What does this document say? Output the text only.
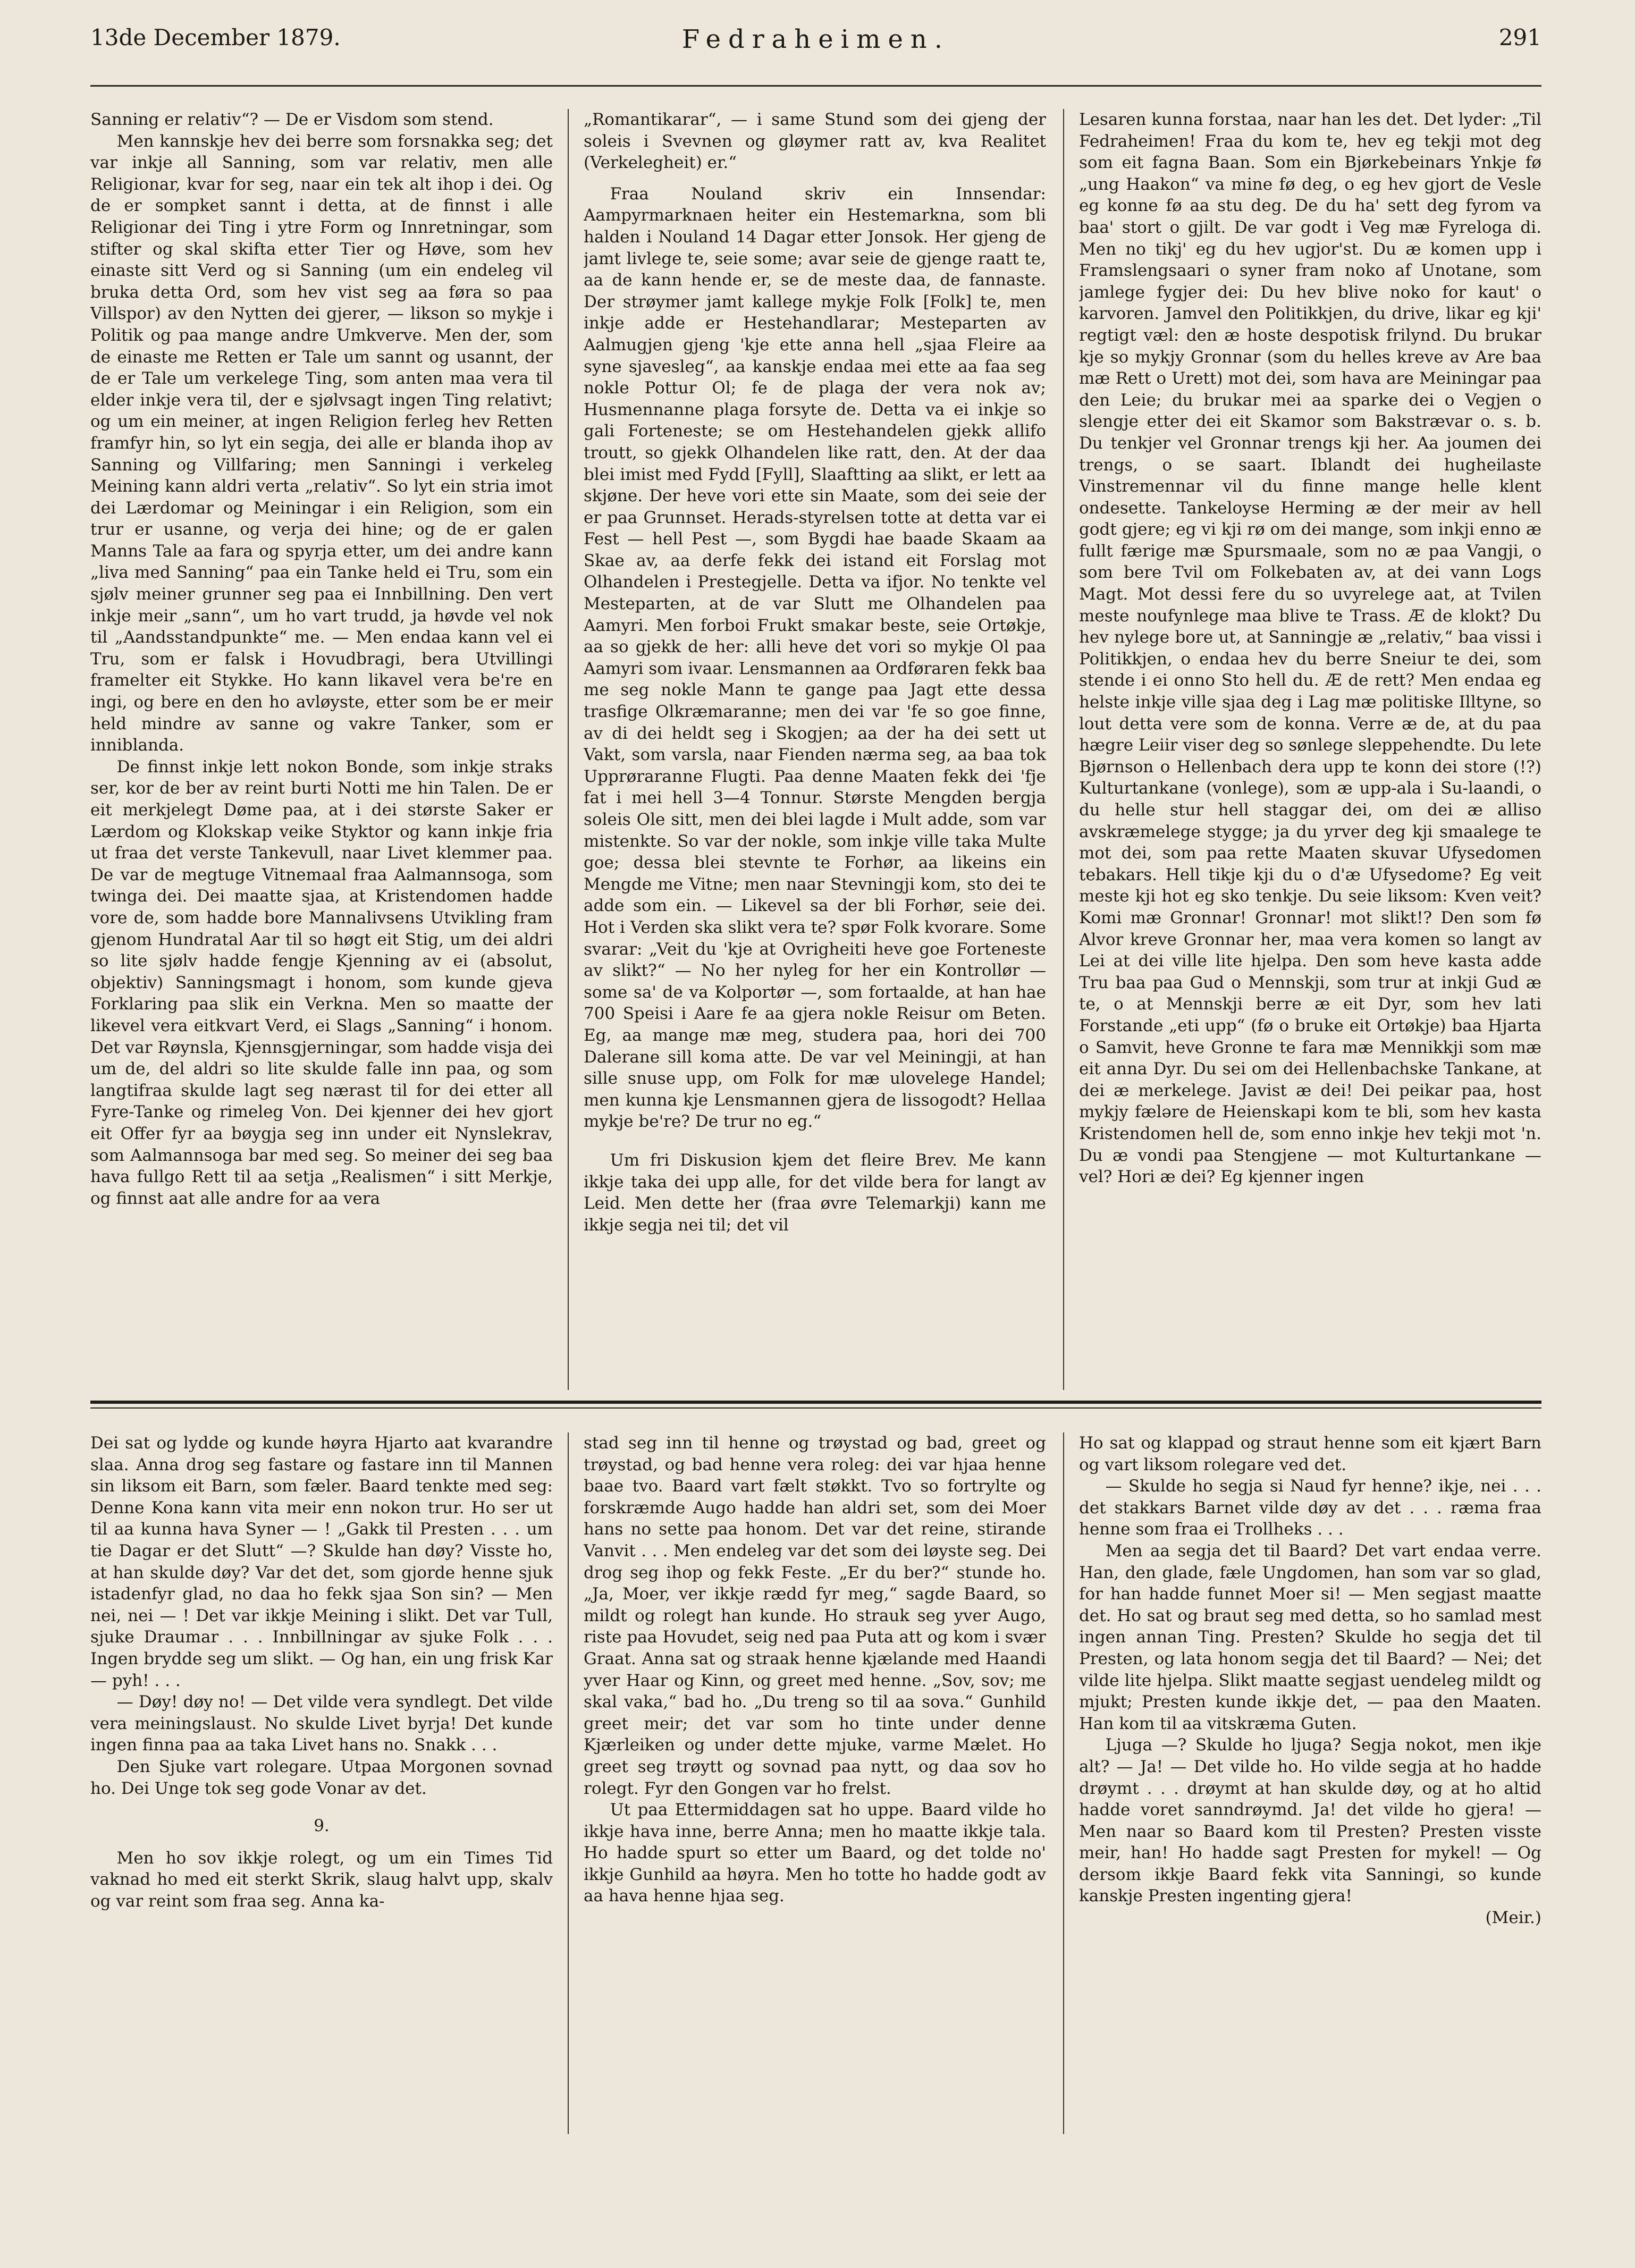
13de December 1879.	Fedraheimen.	291

Sanning er relativ“? — De er Visdom som stend.

Men kannskje hev dei berre som forsnakka seg; det var inkje all Sanning, som var relativ, men alle Religionar, kvar for seg, naar ein tek alt ihop i dei. Og de er sompket sannt i detta, at de finnst i alle Religionar dei Ting i ytre Form og Innretningar, som stifter og skal skifta etter Tier og Høve, som hev einaste sitt Verd og si Sanning (um ein endeleg vil bruka detta Ord, som hev vist seg aa føra so paa Villspor) av den Nytten dei gjerer, — likson so mykje i Politik og paa mange andre Umkverve. Men der, som de einaste me Retten er Tale um sannt og usannt, der de er Tale um verkelege Ting, som anten maa vera til elder inkje vera til, der e sjølvsagt ingen Ting relativt; og um ein meiner, at ingen Religion ferleg hev Retten framfyr hin, so lyt ein segja, dei alle er blanda ihop av Sanning og Villfaring; men Sanningi i verkeleg Meining kann aldri verta „relativ“. So lyt ein stria imot dei Lærdomar og Meiningar i ein Religion, som ein trur er usanne, og verja dei hine; og de er galen Manns Tale aa fara og spyrja etter, um dei andre kann „liva med Sanning“ paa ein Tanke held ei Tru, som ein sjølv meiner grunner seg paa ei Innbillning. Den vert inkje meir „sann“, um ho vart trudd, ja høvde vel nok til „Aandsstandpunkte“ me. — Men endaa kann vel ei Tru, som er falsk i Hovudbragi, bera Utvillingi framelter eit Stykke. Ho kann likavel vera be're en ingi, og bere en den ho avløyste, etter som be er meir held mindre av sanne og vakre Tanker, som er inniblanda.

De finnst inkje lett nokon Bonde, som inkje straks ser, kor de ber av reint burti Notti me hin Talen. De er eit merkjelegt Døme paa, at i dei største Saker er Lærdom og Klokskap veike Styktor og kann inkje fria ut fraa det verste Tankevull, naar Livet klemmer paa. De var de megtuge Vitnemaal fraa Aalmannsoga, som twinga dei. Dei maatte sjaa, at Kristendomen hadde vore de, som hadde bore Mannalivsens Utvikling fram gjenom Hundratal Aar til so høgt eit Stig, um dei aldri so lite sjølv hadde fengje Kjenning av ei (absolut, objektiv) Sanningsmagt i honom, som kunde gjeva Forklaring paa slik ein Verkna. Men so maatte der likevel vera eitkvart Verd, ei Slags „Sanning“ i honom. Det var Røynsla, Kjennsgjerningar, som hadde visja dei um de, del aldri so lite skulde falle inn paa, og som langtifraa skulde lagt seg nærast til for dei etter all Fyre-Tanke og rimeleg Von. Dei kjenner dei hev gjort eit Offer fyr aa bøygja seg inn under eit Nynslekrav, som Aalmannsoga bar med seg. So meiner dei seg baa hava fullgo Rett til aa setja „Realismen“ i sitt Merkje, og finnst aat alle andre for aa vera

„Romantikarar“, — i same Stund som dei gjeng der soleis i Svevnen og gløymer ratt av, kva Realitet (Verkelegheit) er.“

Fraa Nouland skriv ein Innsendar: Aampyrmarknaen heiter ein Hestemarkna, som bli halden i Nouland 14 Dagar etter Jonsok. Her gjeng de jamt livlege te, seie some; avar seie de gjenge raatt te, aa de kann hende er, se de meste daa, de fannaste. Der strøymer jamt kallege mykje Folk [Folk] te, men inkje adde er Hestehandlarar; Mesteparten av Aalmugjen gjeng 'kje ette anna hell „sjaa Fleire aa syne sjavesleg“, aa kanskje endaa mei ette aa faa seg nokle Pottur Ol; fe de plaga der vera nok av; Husmennanne plaga forsyte de. Detta va ei inkje so gali Forteneste; se om Hestehandelen gjekk allifo troutt, so gjekk Olhandelen like ratt, den. At der daa blei imist med Fydd [Fyll], Slaaftting aa slikt, er lett aa skjøne. Der heve vori ette sin Maate, som dei seie der er paa Grunnset. Herads-styrelsen totte at detta var ei Fest — hell Pest —, som Bygdi hae baade Skaam aa Skae av, aa derfe fekk dei istand eit Forslag mot Olhandelen i Prestegjelle. Detta va ifjor. No tenkte vel Mesteparten, at de var Slutt me Olhandelen paa Aamyri. Men forboi Frukt smakar beste, seie Ortøkje, aa so gjekk de her: alli heve det vori so mykje Ol paa Aamyri som ivaar. Lensmannen aa Ordføraren fekk baa me seg nokle Mann te gange paa Jagt ette dessa trasfige Olkræmaranne; men dei var 'fe so goe finne, av di dei heldt seg i Skogjen; aa der ha dei sett ut Vakt, som varsla, naar Fienden nærma seg, aa baa tok Upprøraranne Flugti. Paa denne Maaten fekk dei 'fje fat i mei hell 3—4 Tonnur. Største Mengden bergja soleis Ole sitt, men dei blei lagde i Mult adde, som var mistenkte. So var der nokle, som inkje ville taka Multe goe; dessa blei stevnte te Forhør, aa likeins ein Mengde me Vitne; men naar Stevningji kom, sto dei te adde som ein. — Likevel sa der bli Forhør, seie dei. Hot i Verden ska slikt vera te? spør Folk kvorare. Some svarar: „Veit du 'kje at Ovrigheiti heve goe Forteneste av slikt?“ — No her nyleg for her ein Kontrollør — some sa' de va Kolportør —, som fortaalde, at han hae 700 Speisi i Aare fe aa gjera nokle Reisur om Beten. Eg, aa mange mæ meg, studera paa, hori dei 700 Dalerane sill koma atte. De var vel Meiningji, at han sille snuse upp, om Folk for mæ ulovelege Handel; men kunna kje Lensmannen gjera de lissogodt? Hellaa mykje be're? De trur no eg.“

Um fri Diskusion kjem det fleire Brev. Me kann ikkje taka dei upp alle, for det vilde bera for langt av Leid. Men dette her (fraa øvre Telemarkji) kann me ikkje segja nei til; det vil

Lesaren kunna forstaa, naar han les det. Det lyder: „Til Fedraheimen! Fraa du kom te, hev eg tekji mot deg som eit fagna Baan. Som ein Bjørkebeinars Ynkje fø „ung Haakon“ va mine fø deg, o eg hev gjort de Vesle eg konne fø aa stu deg. De du ha' sett deg fyrom va baa' stort o gjilt. De var godt i Veg mæ Fyreloga di. Men no tikj' eg du hev ugjor'st. Du æ komen upp i Framslengsaari o syner fram noko af Unotane, som jamlege fygjer dei: Du hev blive noko for kaut' o karvoren. Jamvel den Politikkjen, du drive, likar eg kji' regtigt væl: den æ hoste despotisk frilynd. Du brukar kje so mykjy Gronnar (som du helles kreve av Are baa mæ Rett o Urett) mot dei, som hava are Meiningar paa den Leie; du brukar mei aa sparke dei o Vegjen o slengje etter dei eit Skamor som Bakstrævar o. s. b. Du tenkjer vel Gronnar trengs kji her. Aa joumen dei trengs, o se saart. Iblandt dei hugheilaste Vinstremennar vil du finne mange helle klent ondesette. Tankeloyse Herming æ der meir av hell godt gjere; eg vi kji rø om dei mange, som inkji enno æ fullt færige mæ Spursmaale, som no æ paa Vangji, o som bere Tvil om Folkebaten av, at dei vann Logs Magt. Mot dessi fere du so uvyrelege aat, at Tvilen meste noufynlege maa blive te Trass. Æ de klokt? Du hev nylege bore ut, at Sanningje æ „relativ,“ baa vissi i Politikkjen, o endaa hev du berre Sneiur te dei, som stende i ei onno Sto hell du. Æ de rett? Men endaa eg helste inkje ville sjaa deg i Lag mæ politiske Illtyne, so lout detta vere som de konna. Verre æ de, at du paa hægre Leiir viser deg so sønlege sleppehendte. Du lete Bjørnson o Hellenbach dera upp te konn dei store (!?) Kulturtankane (vonlege), som æ upp-ala i Su-laandi, o du helle stur hell staggar dei, om dei æ alliso avskræmelege stygge; ja du yrver deg kji smaalege te mot dei, som paa rette Maaten skuvar Ufysedomen tebakars. Hell tikje kji du o d'æ Ufysedome? Eg veit meste kji hot eg sko tenkje. Du seie liksom: Kven veit? Komi mæ Gronnar! Gronnar! mot slikt!? Den som fø Alvor kreve Gronnar her, maa vera komen so langt av Lei at dei ville lite hjelpa. Den som heve kasta adde Tru baa paa Gud o Mennskji, som trur at inkji Gud æ te, o at Mennskji berre æ eit Dyr, som hev lati Forstande „eti upp“ (fø o bruke eit Ortøkje) baa Hjarta o Samvit, heve Gronne te fara mæ Mennikkji som mæ eit anna Dyr. Du sei om dei Hellenbachske Tankane, at dei æ merkelege. Javist æ dei! Dei peikar paa, host mykjy fæləre de Heienskapi kom te bli, som hev kasta Kristendomen hell de, som enno inkje hev tekji mot 'n. Du æ vondi paa Stengjene — mot Kulturtankane — vel? Hori æ dei? Eg kjenner ingen

Dei sat og lydde og kunde høyra Hjarto aat kvarandre slaa. Anna drog seg fastare og fastare inn til Mannen sin liksom eit Barn, som fæler. Baard tenkte med seg: Denne Kona kann vita meir enn nokon trur. Ho ser ut til aa kunna hava Syner — ! „Gakk til Presten . . . um tie Dagar er det Slutt“ —? Skulde han døy? Visste ho, at han skulde døy? Var det det, som gjorde henne sjuk istadenfyr glad, no daa ho fekk sjaa Son sin? — Men nei, nei — ! Det var ikkje Meining i slikt. Det var Tull, sjuke Draumar . . . Innbillningar av sjuke Folk . . . Ingen brydde seg um slikt. — Og han, ein ung frisk Kar — pyh! . . .

— Døy! døy no! — Det vilde vera syndlegt. Det vilde vera meiningslaust. No skulde Livet byrja! Det kunde ingen finna paa aa taka Livet hans no. Snakk . . .

Den Sjuke vart rolegare. Utpaa Morgonen sovnad ho. Dei Unge tok seg gode Vonar av det.

9.

Men ho sov ikkje rolegt, og um ein Times Tid vaknad ho med eit sterkt Skrik, slaug halvt upp, skalv og var reint som fraa seg. Anna ka-

stad seg inn til henne og trøystad og bad, greet og trøystad, og bad henne vera roleg: dei var hjaa henne baae tvo. Baard vart fælt støkkt. Tvo so fortrylte og forskræmde Augo hadde han aldri set, som dei Moer hans no sette paa honom. Det var det reine, stirande Vanvit . . . Men endeleg var det som dei løyste seg. Dei drog seg ihop og fekk Feste. „Er du ber?“ stunde ho. „Ja, Moer, ver ikkje rædd fyr meg,“ sagde Baard, so mildt og rolegt han kunde. Ho strauk seg yver Augo, riste paa Hovudet, seig ned paa Puta att og kom i svær Graat. Anna sat og straak henne kjælande med Haandi yver Haar og Kinn, og greet med henne. „Sov, sov; me skal vaka,“ bad ho. „Du treng so til aa sova.“ Gunhild greet meir; det var som ho tinte under denne Kjærleiken og under dette mjuke, varme Mælet. Ho greet seg trøytt og sovnad paa nytt, og daa sov ho rolegt. Fyr den Gongen var ho frelst.

Ut paa Ettermiddagen sat ho uppe. Baard vilde ho ikkje hava inne, berre Anna; men ho maatte ikkje tala. Ho hadde spurt so etter um Baard, og det tolde no' ikkje Gunhild aa høyra. Men ho totte ho hadde godt av aa hava henne hjaa seg.

Ho sat og klappad og straut henne som eit kjært Barn og vart liksom rolegare ved det.

— Skulde ho segja si Naud fyr henne? ikje, nei . . . det stakkars Barnet vilde døy av det . . . ræma fraa henne som fraa ei Trollheks . . .

Men aa segja det til Baard? Det vart endaa verre. Han, den glade, fæle Ungdomen, han som var so glad, for han hadde funnet Moer si! — Men segjast maatte det. Ho sat og braut seg med detta, so ho samlad mest ingen annan Ting. Presten? Skulde ho segja det til Presten, og lata honom segja det til Baard? — Nei; det vilde lite hjelpa. Slikt maatte segjast uendeleg mildt og mjukt; Presten kunde ikkje det, — paa den Maaten. Han kom til aa vitskræma Guten.

Ljuga —? Skulde ho ljuga? Segja nokot, men ikje alt? — Ja! — Det vilde ho. Ho vilde segja at ho hadde drøymt . . . drøymt at han skulde døy, og at ho altid hadde voret sanndrøymd. Ja! det vilde ho gjera! — Men naar so Baard kom til Presten? Presten visste meir, han! Ho hadde sagt Presten for mykel! — Og dersom ikkje Baard fekk vita Sanningi, so kunde kanskje Presten ingenting gjera!

(Meir.)
